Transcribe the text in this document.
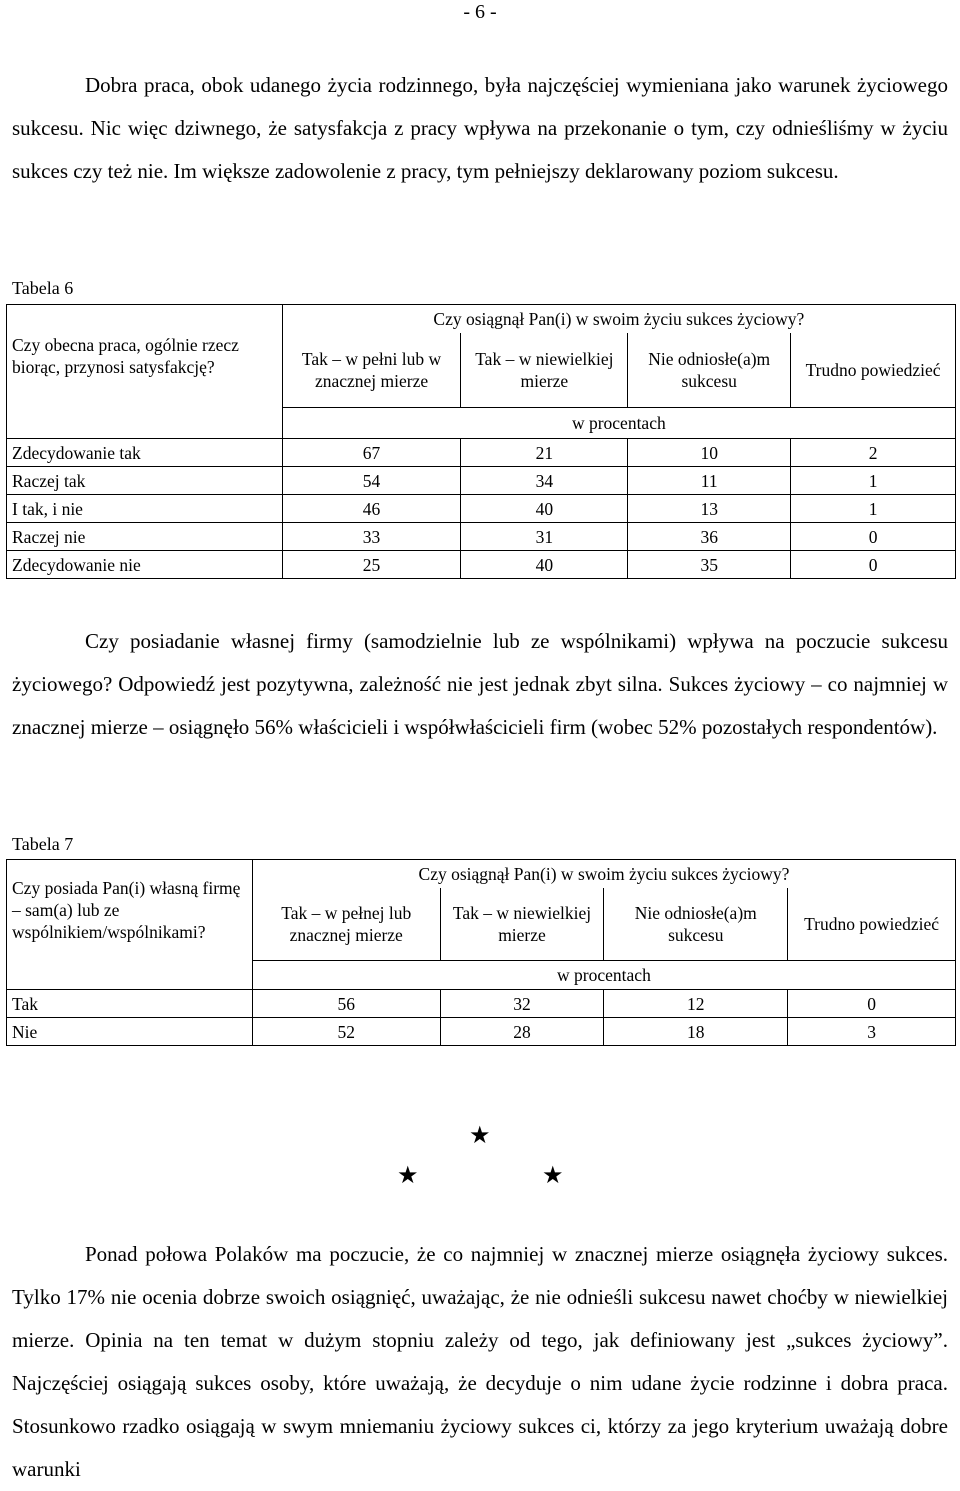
- 6 -

Dobra praca, obok udanego życia rodzinnego, była najczęściej wymieniana jako warunek życiowego sukcesu. Nic więc dziwnego, że satysfakcja z pracy wpływa na przekonanie o tym, czy odnieśliśmy w życiu sukces czy też nie. Im większe zadowolenie z pracy, tym pełniejszy deklarowany poziom sukcesu.

Tabela 6
Czy obecna praca, ogólnie rzecz biorąc, przynosi satysfakcję?	Czy osiągnął Pan(i) w swoim życiu sukces życiowy?			
	Tak – w pełni lub w znacznej mierze	Tak – w niewielkiej mierze	Nie odniosłe(a)m sukcesu	Trudno powiedzieć
	w procentach			
Zdecydowanie tak	67	21	10	2
Raczej tak	54	34	11	1
I tak, i nie	46	40	13	1
Raczej nie	33	31	36	0
Zdecydowanie nie	25	40	35	0

Czy posiadanie własnej firmy (samodzielnie lub ze wspólnikami) wpływa na poczucie sukcesu życiowego? Odpowiedź jest pozytywna, zależność nie jest jednak zbyt silna. Sukces życiowy – co najmniej w znacznej mierze – osiągnęło 56% właścicieli i współwłaścicieli firm (wobec 52% pozostałych respondentów).

Tabela 7
Czy posiada Pan(i) własną firmę – sam(a) lub ze wspólnikiem/wspólnikami?	Czy osiągnął Pan(i) w swoim życiu sukces życiowy?			
	Tak – w pełnej lub znacznej mierze	Tak – w niewielkiej mierze	Nie odniosłe(a)m sukcesu	Trudno powiedzieć
	w procentach			
Tak	56	32	12	0
Nie	52	28	18	3
★
★	★

Ponad połowa Polaków ma poczucie, że co najmniej w znacznej mierze osiągnęła życiowy sukces. Tylko 17% nie ocenia dobrze swoich osiągnięć, uważając, że nie odnieśli sukcesu nawet choćby w niewielkiej mierze. Opinia na ten temat w dużym stopniu zależy od tego, jak definiowany jest „sukces życiowy”. Najczęściej osiągają sukces osoby, które uważają, że decyduje o nim udane życie rodzinne i dobra praca. Stosunkowo rzadko osiągają w swym mniemaniu życiowy sukces ci, którzy za jego kryterium uważają dobre warunki
